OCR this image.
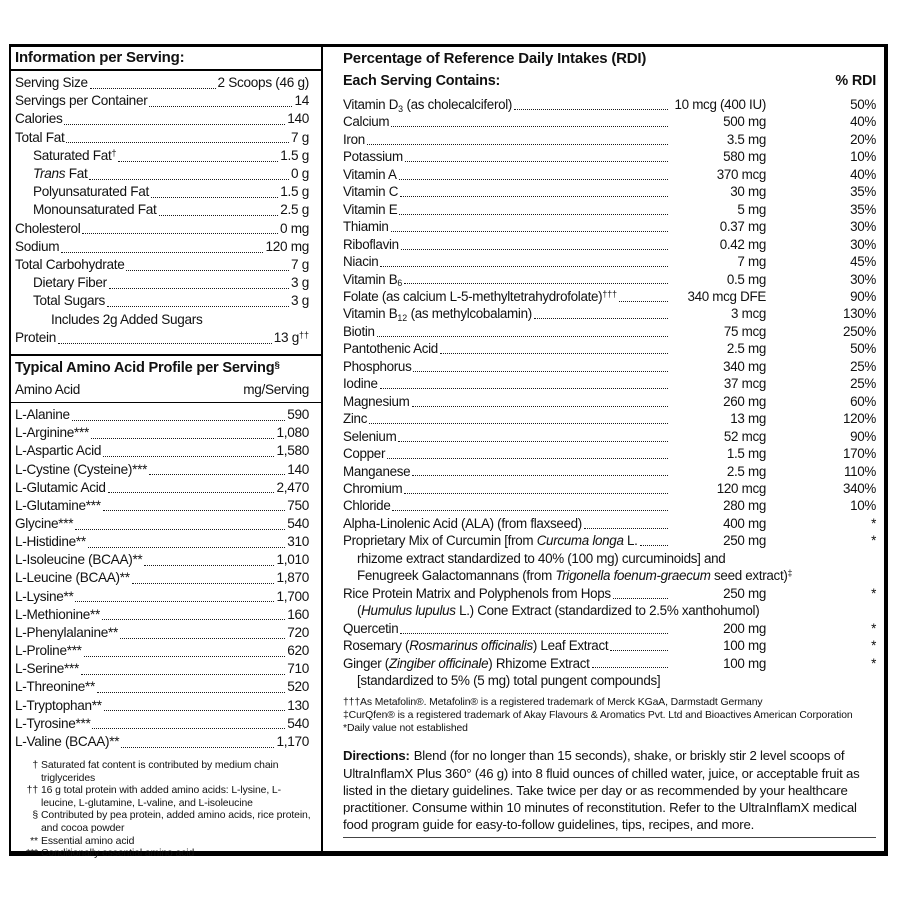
Information per Serving:
Serving Size	2 Scoops (46 g)
Servings per Container	14
Calories	140
Total Fat	7 g
Saturated Fat†	1.5 g
Trans Fat	0 g
Polyunsaturated Fat	1.5 g
Monounsaturated Fat	2.5 g
Cholesterol	0 mg
Sodium	120 mg
Total Carbohydrate	7 g
Dietary Fiber	3 g
Total Sugars	3 g
Includes 2g Added Sugars
Protein	13 g††
Typical Amino Acid Profile per Serving§
Amino Acid	mg/Serving
L-Alanine	590
L-Arginine***	1,080
L-Aspartic Acid	1,580
L-Cystine (Cysteine)***	140
L-Glutamic Acid	2,470
L-Glutamine***	750
Glycine***	540
L-Histidine**	310
L-Isoleucine (BCAA)**	1,010
L-Leucine (BCAA)**	1,870
L-Lysine**	1,700
L-Methionine**	160
L-Phenylalanine**	720
L-Proline***	620
L-Serine***	710
L-Threonine**	520
L-Tryptophan**	130
L-Tyrosine***	540
L-Valine (BCAA)**	1,170
† Saturated fat content is contributed by medium chain triglycerides
†† 16 g total protein with added amino acids: L-lysine, L-leucine, L-glutamine, L-valine, and L-isoleucine
§ Contributed by pea protein, added amino acids, rice protein, and cocoa powder
** Essential amino acid
*** Conditionally essential amino acid
Percentage of Reference Daily Intakes (RDI)
Each Serving Contains:	% RDI
Vitamin $D_3$ (as cholecalciferol)	10 mcg (400 IU)	50%
Calcium	500 mg	40%
Iron	3.5 mg	20%
Potassium	580 mg	10%
Vitamin A	370 mcg	40%
Vitamin C	30 mg	35%
Vitamin E	5 mg	35%
Thiamin	0.37 mg	30%
Riboflavin	0.42 mg	30%
Niacin	7 mg	45%
Vitamin $B_6$	0.5 mg	30%
Folate (as calcium L-5-methyltetrahydrofolate)†††	340 mcg DFE	90%
Vitamin $B_{12}$ (as methylcobalamin)	3 mcg	130%
Biotin	75 mcg	250%
Pantothenic Acid	2.5 mg	50%
Phosphorus	340 mg	25%
Iodine	37 mcg	25%
Magnesium	260 mg	60%
Zinc	13 mg	120%
Selenium	52 mcg	90%
Copper	1.5 mg	170%
Manganese	2.5 mg	110%
Chromium	120 mcg	340%
Chloride	280 mg	10%
Alpha-Linolenic Acid (ALA) (from flaxseed)	400 mg	*
Proprietary Mix of Curcumin [from Curcuma longa L.	250 mg	*
rhizome extract standardized to 40% (100 mg) curcuminoids] and
Fenugreek Galactomannans (from Trigonella foenum-graecum seed extract)‡
Rice Protein Matrix and Polyphenols from Hops	250 mg	*
(Humulus lupulus L.) Cone Extract (standardized to 2.5% xanthohumol)
Quercetin	200 mg	*
Rosemary (Rosmarinus officinalis) Leaf Extract	100 mg	*
Ginger (Zingiber officinale) Rhizome Extract	100 mg	*
[standardized to 5% (5 mg) total pungent compounds]
†††As Metafolin®. Metafolin® is a registered trademark of Merck KGaA, Darmstadt Germany
‡CurQfen® is a registered trademark of Akay Flavours & Aromatics Pvt. Ltd and Bioactives American Corporation
*Daily value not established
Directions: Blend (for no longer than 15 seconds), shake, or briskly stir 2 level scoops of UltraInflamX Plus 360° (46 g) into 8 fluid ounces of chilled water, juice, or acceptable fruit as listed in the dietary guidelines. Take twice per day or as recommended by your healthcare practitioner. Consume within 10 minutes of reconstitution. Refer to the UltraInflamX medical food program guide for easy-to-follow guidelines, tips, recipes, and more.
